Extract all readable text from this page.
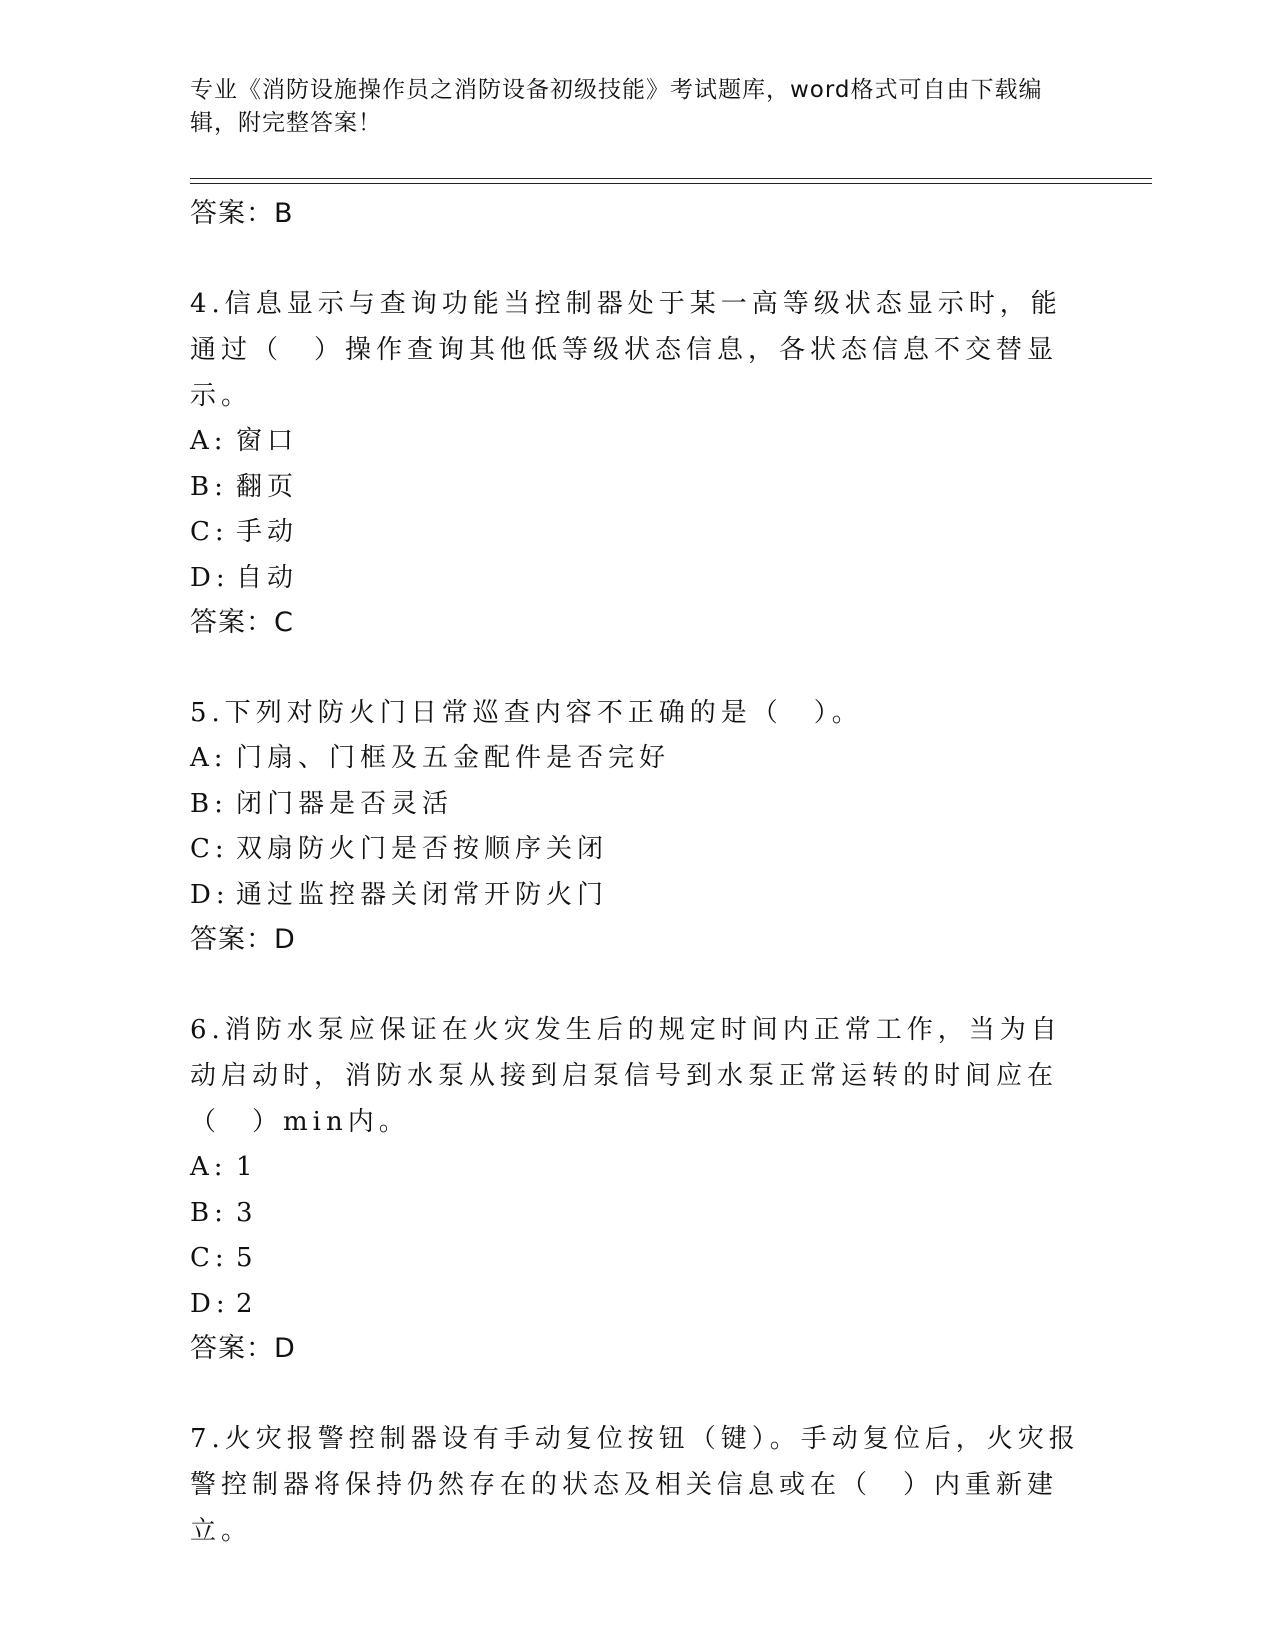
专业《消防设施操作员之消防设备初级技能》考试题库，word格式可自由下载编辑，附完整答案！
答案：B
4.信息显示与查询功能当控制器处于某一高等级状态显示时，能通过（　）操作查询其他低等级状态信息，各状态信息不交替显示。
A: 窗口
B: 翻页
C: 手动
D: 自动
答案：C
5.下列对防火门日常巡查内容不正确的是（　）。
A: 门扇、门框及五金配件是否完好
B: 闭门器是否灵活
C: 双扇防火门是否按顺序关闭
D: 通过监控器关闭常开防火门
答案：D
6.消防水泵应保证在火灾发生后的规定时间内正常工作，当为自动启动时，消防水泵从接到启泵信号到水泵正常运转的时间应在（　）min内。
A: 1
B: 3
C: 5
D: 2
答案：D
7.火灾报警控制器设有手动复位按钮（键）。手动复位后，火灾报警控制器将保持仍然存在的状态及相关信息或在（　）内重新建立。
